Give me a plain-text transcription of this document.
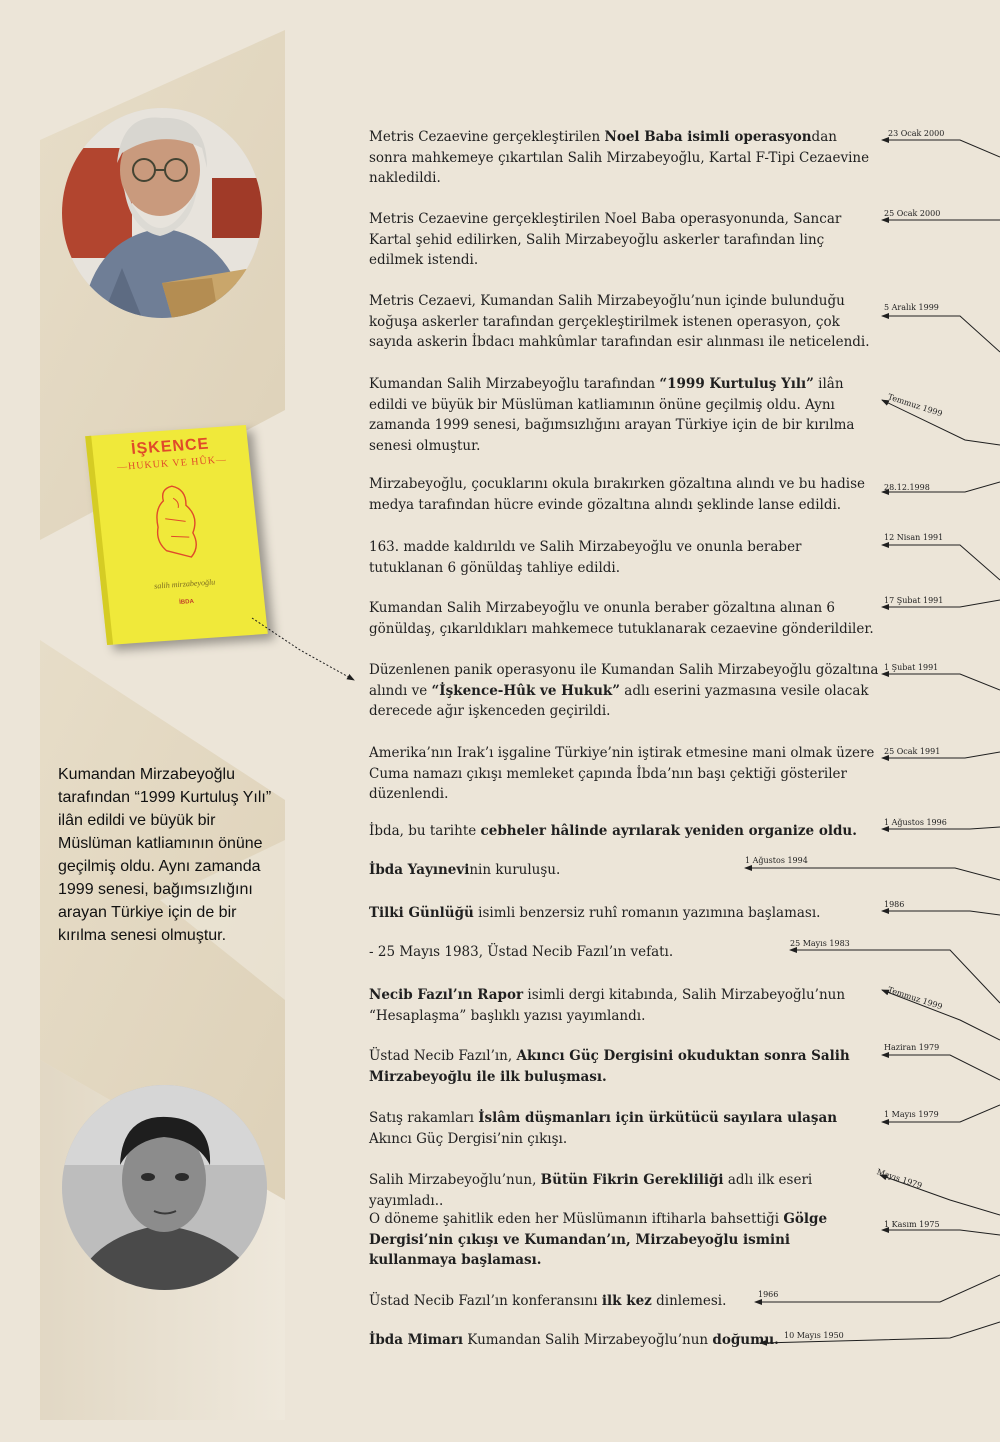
İŞKENCE
—HUKUK VE HÛK—
salih mirzabeyoğlu
İBDA
Kumandan Mirzabeyoğlu tarafından “1999 Kurtuluş Yılı” ilân edildi ve büyük bir Müslüman katliamının önüne geçilmiş oldu. Aynı zamanda 1999 senesi, bağımsızlığını arayan Türkiye için de bir kırılma senesi olmuştur.
Metris Cezaevine gerçekleştirilen Noel Baba isimli operasyondan sonra mahkemeye çıkartılan Salih Mirzabeyoğlu, Kartal F-Tipi Cezaevine nakledildi.
23 Ocak 2000
Metris Cezaevine gerçekleştirilen Noel Baba operasyonunda, Sancar Kartal şehid edilirken, Salih Mirzabeyoğlu askerler tarafından linç edilmek istendi.
25 Ocak 2000
Metris Cezaevi, Kumandan Salih Mirzabeyoğlu’nun içinde bulunduğu koğuşa askerler tarafından gerçekleştirilmek istenen operasyon, çok sayıda askerin İbdacı mahkûmlar tarafından esir alınması ile neticelendi.
5 Aralık 1999
Kumandan Salih Mirzabeyoğlu tarafından “1999 Kurtuluş Yılı” ilân edildi ve büyük bir Müslüman katliamının önüne geçilmiş oldu. Aynı zamanda 1999 senesi, bağımsızlığını arayan Türkiye için de bir kırılma senesi olmuştur.
Temmuz 1999
Mirzabeyoğlu, çocuklarını okula bırakırken gözaltına alındı ve bu hadise medya tarafından hücre evinde gözaltına alındı şeklinde lanse edildi.
28.12.1998
163. madde kaldırıldı ve Salih Mirzabeyoğlu ve onunla beraber tutuklanan 6 gönüldaş tahliye edildi.
12 Nisan 1991
Kumandan Salih Mirzabeyoğlu ve onunla beraber gözaltına alınan 6 gönüldaş, çıkarıldıkları mahkemece tutuklanarak cezaevine gönderildiler.
17 Şubat 1991
Düzenlenen panik operasyonu ile Kumandan Salih Mirzabeyoğlu gözaltına alındı ve “İşkence-Hûk ve Hukuk” adlı eserini yazmasına vesile olacak derecede ağır işkenceden geçirildi.
1 Şubat 1991
Amerika’nın Irak’ı işgaline Türkiye’nin iştirak etmesine mani olmak üzere Cuma namazı çıkışı memleket çapında İbda’nın başı çektiği gösteriler düzenlendi.
25 Ocak 1991
İbda, bu tarihte cebheler hâlinde ayrılarak yeniden organize oldu.
1 Ağustos 1996
İbda Yayınevinin kuruluşu.
1 Ağustos 1994
Tilki Günlüğü isimli benzersiz ruhî romanın yazımına başlaması.
1986
- 25 Mayıs 1983, Üstad Necib Fazıl’ın vefatı.
25 Mayıs 1983
Necib Fazıl’ın Rapor isimli dergi kitabında, Salih Mirzabeyoğlu’nun “Hesaplaşma” başlıklı yazısı yayımlandı.
Temmuz 1999
Üstad Necib Fazıl’ın, Akıncı Güç Dergisini okuduktan sonra Salih Mirzabeyoğlu ile ilk buluşması.
Haziran 1979
Satış rakamları İslâm düşmanları için ürkütücü sayılara ulaşan Akıncı Güç Dergisi’nin çıkışı.
1 Mayıs 1979
Salih Mirzabeyoğlu’nun, Bütün Fikrin Gerekliliği adlı ilk eseri yayımladı..
Mayıs 1979
O döneme şahitlik eden her Müslümanın iftiharla bahsettiği Gölge Dergisi’nin çıkışı ve Kumandan’ın, Mirzabeyoğlu ismini kullanmaya başlaması.
1 Kasım 1975
Üstad Necib Fazıl’ın konferansını ilk kez dinlemesi.	1966
İbda Mimarı Kumandan Salih Mirzabeyoğlu’nun doğumu. 10 Mayıs 1950
